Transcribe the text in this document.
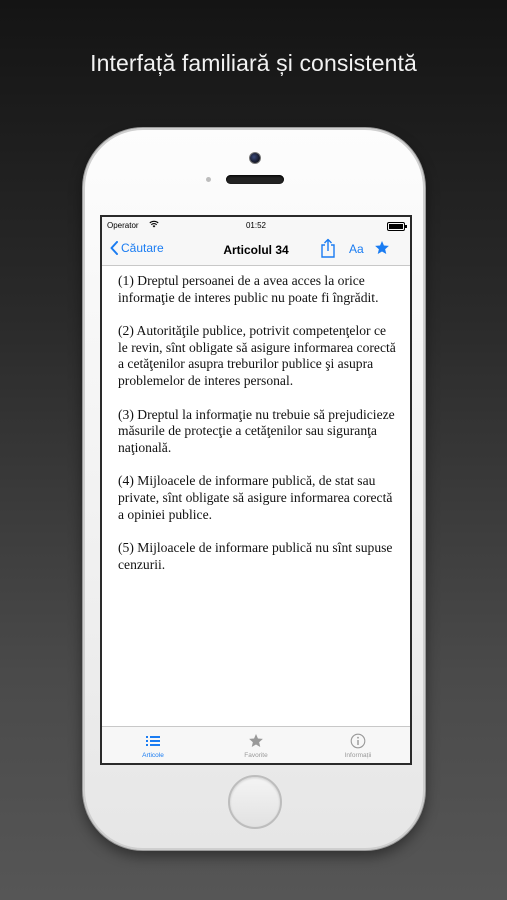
Interfață familiară și consistentă
Operator	01:52
Căutare	Articolul 34	Aa

(1) Dreptul persoanei de a avea acces la orice informaţie de interes public nu poate fi îngrădit.

(2) Autorităţile publice, potrivit competenţelor ce le revin, sînt obligate să asigure informarea corectă a cetăţenilor asupra treburilor publice şi asupra problemelor de interes personal.

(3) Dreptul la informaţie nu trebuie să prejudicieze măsurile de protecţie a cetăţenilor sau siguranţa naţională.

(4) Mijloacele de informare publică, de stat sau private, sînt obligate să asigure informarea corectă a opiniei publice.

(5) Mijloacele de informare publică nu sînt supuse cenzurii.

Articole	Favorite	Informații
